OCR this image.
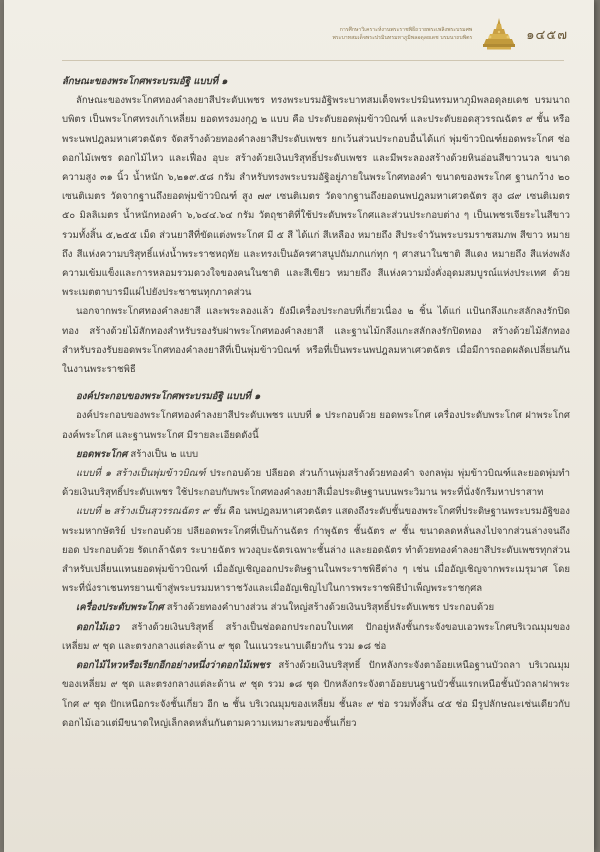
การศึกษาวิเคราะห์งานพระราชพิธีถวายพระเพลิงพระบรมศพ
พระบาทสมเด็จพระปรมินทรมหาภูมิพลอดุลยเดช บรมนาถบพิตร	๑๔๕๗

ลักษณะของพระโกศพระบรมอัฐิ แบบที่ ๑

ลักษณะของพระโกศทองคำลงยาสีประดับเพชร ทรงพระบรมอัฐิพระบาทสมเด็จพระปรมินทรมหาภูมิพลอดุลยเดช บรมนาถบพิตร เป็นพระโกศทรงเก้าเหลี่ยม ยอดทรงมงกุฎ ๒ แบบ คือ ประดับยอดพุ่มข้าวบิณฑ์ และประดับยอดสุวรรณฉัตร ๙ ชั้น หรือพระนพปฎลมหาเศวตฉัตร จัดสร้างด้วยทองคำลงยาสีประดับเพชร ยกเว้นส่วนประกอบอื่นได้แก่ พุ่มข้าวบิณฑ์ยอดพระโกศ ช่อดอกไม้เพชร ดอกไม้ไหว และเฟื่อง อุบะ สร้างด้วยเงินบริสุทธิ์ประดับเพชร และมีพระลองสร้างด้วยหินอ่อนสีขาวนวล ขนาดความสูง ๓๑ นิ้ว น้ำหนัก ๖,๒๑๙.๕๘ กรัม สำหรับทรงพระบรมอัฐิอยู่ภายในพระโกศทองคำ ขนาดของพระโกศ ฐานกว้าง ๒๐ เซนติเมตร วัดจากฐานถึงยอดพุ่มข้าวบิณฑ์ สูง ๗๙ เซนติเมตร วัดจากฐานถึงยอดนพปฎลมหาเศวตฉัตร สูง ๘๙ เซนติเมตร ๕๐ มิลลิเมตร น้ำหนักทองคำ ๖,๖๔๔.๖๔ กรัม วัตถุชาติที่ใช้ประดับพระโกศและส่วนประกอบต่าง ๆ เป็นเพชรเจียระไนสีขาว รวมทั้งสิ้น ๕,๒๕๕ เม็ด ส่วนยาสีที่ขัดแต่งพระโกศ มี ๕ สี ได้แก่ สีเหลือง หมายถึง สีประจำวันพระบรมราชสมภพ สีขาว หมายถึง สีแห่งความบริสุทธิ์แห่งน้ำพระราชหฤทัย และทรงเป็นอัครศาสนูปถัมภกแก่ทุก ๆ ศาสนาในชาติ สีแดง หมายถึง สีแห่งพลังความเข้มแข็งและการหลอมรวมดวงใจของคนในชาติ และสีเขียว หมายถึง สีแห่งความมั่งคั่งอุดมสมบูรณ์แห่งประเทศ ด้วยพระเมตตาบารมีแผ่ไปยังประชาชนทุกภาคส่วน

นอกจากพระโกศทองคำลงยาสี และพระลองแล้ว ยังมีเครื่องประกอบที่เกี่ยวเนื่อง ๒ ชิ้น ได้แก่ แป้นกลึงแกะสลักลงรักปิดทอง สร้างด้วยไม้สักทองสำหรับรองรับฝาพระโกศทองคำลงยาสี และฐานไม้กลึงแกะสลักลงรักปิดทอง สร้างด้วยไม้สักทองสำหรับรองรับยอดพระโกศทองคำลงยาสีที่เป็นพุ่มข้าวบิณฑ์ หรือที่เป็นพระนพปฎลมหาเศวตฉัตร เมื่อมีการถอดผลัดเปลี่ยนกันในงานพระราชพิธี

องค์ประกอบของพระโกศพระบรมอัฐิ แบบที่ ๑

องค์ประกอบของพระโกศทองคำลงยาสีประดับเพชร แบบที่ ๑ ประกอบด้วย ยอดพระโกศ เครื่องประดับพระโกศ ฝาพระโกศ องค์พระโกศ และฐานพระโกศ มีรายละเอียดดังนี้

ยอดพระโกศ สร้างเป็น ๒ แบบ

แบบที่ ๑ สร้างเป็นพุ่มข้าวบิณฑ์ ประกอบด้วย ปลียอด ส่วนก้านพุ่มสร้างด้วยทองคำ จงกลพุ่ม พุ่มข้าวบิณฑ์และยอดพุ่มทำด้วยเงินบริสุทธิ์ประดับเพชร ใช้ประกอบกับพระโกศทองคำลงยาสีเมื่อประดิษฐานบนพระวิมาน พระที่นั่งจักรีมหาปราสาท

แบบที่ ๒ สร้างเป็นสุวรรณฉัตร ๙ ชั้น คือ นพปฎลมหาเศวตฉัตร แสดงถึงระดับชั้นของพระโกศที่ประดิษฐานพระบรมอัฐิของพระมหากษัตริย์ ประกอบด้วย ปลียอดพระโกศที่เป็นก้านฉัตร กำพูฉัตร ชั้นฉัตร ๙ ชั้น ขนาดลดหลั่นลงไปจากส่วนล่างจนถึงยอด ประกอบด้วย รัดเกล้าฉัตร ระบายฉัตร พวงอุบะฉัตรเฉพาะชั้นล่าง และยอดฉัตร ทำด้วยทองคำลงยาสีประดับเพชรทุกส่วน สำหรับเปลี่ยนแทนยอดพุ่มข้าวบิณฑ์ เมื่ออัญเชิญออกประดิษฐานในพระราชพิธีต่าง ๆ เช่น เมื่ออัญเชิญจากพระเมรุมาศ โดยพระที่นั่งราเชนทรยานเข้าสู่พระบรมมหาราชวังและเมื่ออัญเชิญไปในการพระราชพิธีบำเพ็ญพระราชกุศล

เครื่องประดับพระโกศ สร้างด้วยทองคำบางส่วน ส่วนใหญ่สร้างด้วยเงินบริสุทธิ์ประดับเพชร ประกอบด้วย

ดอกไม้เอว สร้างด้วยเงินบริสุทธิ์ สร้างเป็นช่อดอกประกอบใบเทศ ปักอยู่หลังชั้นกระจังขอบเอวพระโกศบริเวณมุมของเหลี่ยม ๙ ชุด และตรงกลางแต่ละด้าน ๙ ชุด ในแนวระนาบเดียวกัน รวม ๑๘ ช่อ

ดอกไม้ไหวหรือเรียกอีกอย่างหนึ่งว่าดอกไม้เพชร สร้างด้วยเงินบริสุทธิ์ ปักหลังกระจังตาอ้อยเหนือฐานบัวถลา บริเวณมุมของเหลี่ยม ๙ ชุด และตรงกลางแต่ละด้าน ๙ ชุด รวม ๑๘ ชุด ปักหลังกระจังตาอ้อยบนฐานบัวชั้นแรกเหนือชั้นบัวถลาฝาพระโกศ ๙ ชุด ปักเหนือกระจังชั้นเกี่ยว อีก ๒ ชั้น บริเวณมุมของเหลี่ยม ชั้นละ ๙ ช่อ รวมทั้งสิ้น ๔๕ ช่อ มีรูปลักษณะเช่นเดียวกับดอกไม้เอวแต่มีขนาดใหญ่เล็กลดหลั่นกันตามความเหมาะสมของชั้นเกี่ยว
